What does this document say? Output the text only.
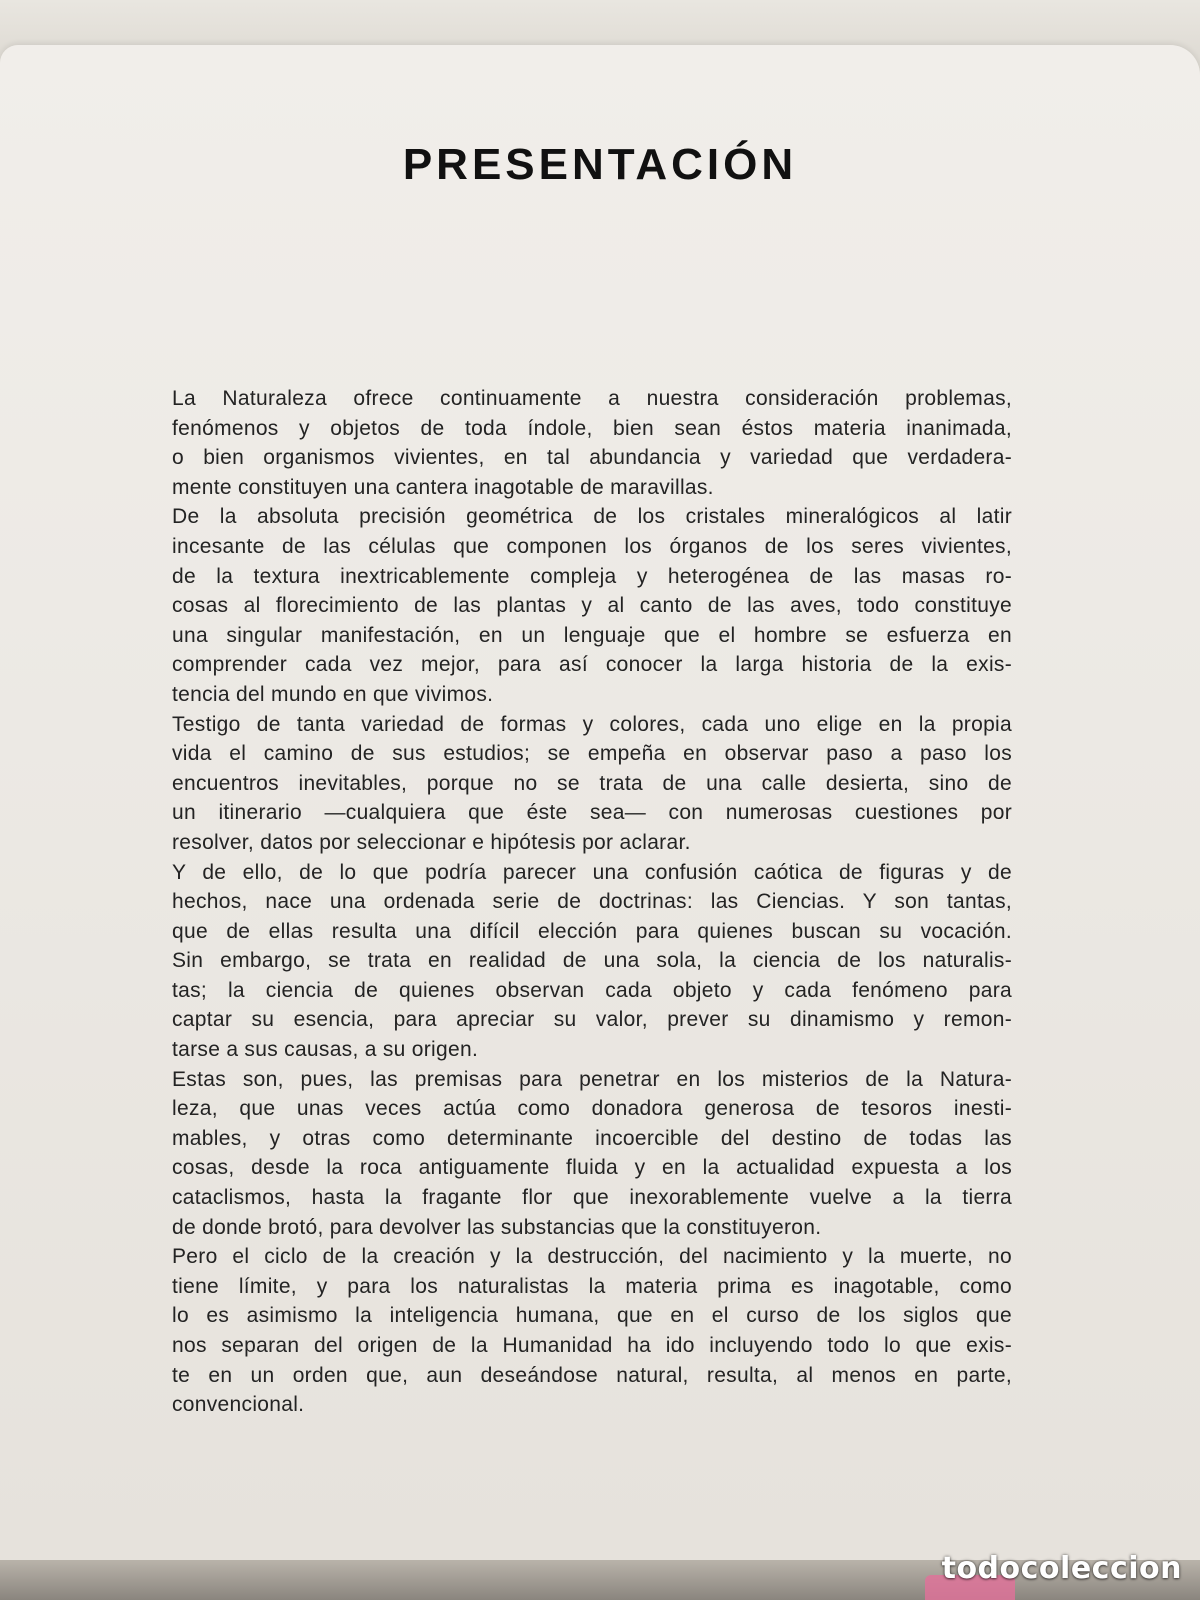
PRESENTACIÓN
La Naturaleza ofrece continuamente a nuestra consideración problemas,
fenómenos y objetos de toda índole, bien sean éstos materia inanimada,
o bien organismos vivientes, en tal abundancia y variedad que verdadera-
mente constituyen una cantera inagotable de maravillas.
De la absoluta precisión geométrica de los cristales mineralógicos al latir
incesante de las células que componen los órganos de los seres vivientes,
de la textura inextricablemente compleja y heterogénea de las masas ro-
cosas al florecimiento de las plantas y al canto de las aves, todo constituye
una singular manifestación, en un lenguaje que el hombre se esfuerza en
comprender cada vez mejor, para así conocer la larga historia de la exis-
tencia del mundo en que vivimos.
Testigo de tanta variedad de formas y colores, cada uno elige en la propia
vida el camino de sus estudios; se empeña en observar paso a paso los
encuentros inevitables, porque no se trata de una calle desierta, sino de
un itinerario —cualquiera que éste sea— con numerosas cuestiones por
resolver, datos por seleccionar e hipótesis por aclarar.
Y de ello, de lo que podría parecer una confusión caótica de figuras y de
hechos, nace una ordenada serie de doctrinas: las Ciencias. Y son tantas,
que de ellas resulta una difícil elección para quienes buscan su vocación.
Sin embargo, se trata en realidad de una sola, la ciencia de los naturalis-
tas; la ciencia de quienes observan cada objeto y cada fenómeno para
captar su esencia, para apreciar su valor, prever su dinamismo y remon-
tarse a sus causas, a su origen.
Estas son, pues, las premisas para penetrar en los misterios de la Natura-
leza, que unas veces actúa como donadora generosa de tesoros inesti-
mables, y otras como determinante incoercible del destino de todas las
cosas, desde la roca antiguamente fluida y en la actualidad expuesta a los
cataclismos, hasta la fragante flor que inexorablemente vuelve a la tierra
de donde brotó, para devolver las substancias que la constituyeron.
Pero el ciclo de la creación y la destrucción, del nacimiento y la muerte, no
tiene límite, y para los naturalistas la materia prima es inagotable, como
lo es asimismo la inteligencia humana, que en el curso de los siglos que
nos separan del origen de la Humanidad ha ido incluyendo todo lo que exis-
te en un orden que, aun deseándose natural, resulta, al menos en parte,
convencional.
todocoleccion
